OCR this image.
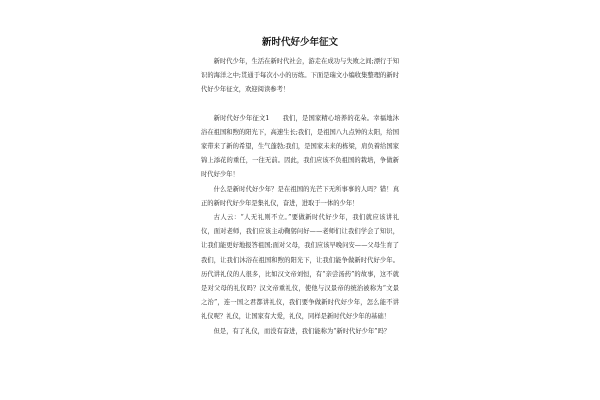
新时代好少年征文

新时代少年，生活在新时代社会，游走在成功与失败之间;漂行于知识的海洋之中;贯通于每次小小的历练。下面是瑞文小编收集整理的新时代好少年征文，欢迎阅读参考！

新时代好少年征文1　　我们，是国家精心培养的花朵。幸福地沐浴在祖国和煦的阳光下，高速生长;我们，是祖国八九点钟的太阳，给国家带来了新的希望，生气蓬勃;我们，是国家未来的栋梁，肩负着给国家锦上添花的重任，一往无前。因此，我们应该不负祖国的栽培，争做新时代好少年！

什么是新时代好少年？是在祖国的光芒下无所事事的人吗？错！真正的新时代好少年是集礼仪，奋进，进取于一体的少年！

古人云：“人无礼则不立。”要做新时代好少年，我们就应该讲礼仪，面对老师，我们应该主动鞠躬问好——老师们让我们学会了知识，让我们能更好地报答祖国;面对父母，我们应该早晚问安——父母生育了我们，让我们沐浴在祖国和煦的阳光下，让我们能争做新时代好少年。历代讲礼仪的人很多，比如汉文帝刘恒，有“亲尝汤药”的故事，这不就是对父母的礼仪吗？汉文帝重礼仪，使他与汉景帝的统治被称为“文景之治”，连一国之君都讲礼仪，我们要争做新时代好少年，怎么能不讲礼仪呢？礼仪，让国家有大爱，礼仪，同样是新时代好少年的基础！

但是，有了礼仪，而没有奋进，我们能称为“新时代好少年”吗？
